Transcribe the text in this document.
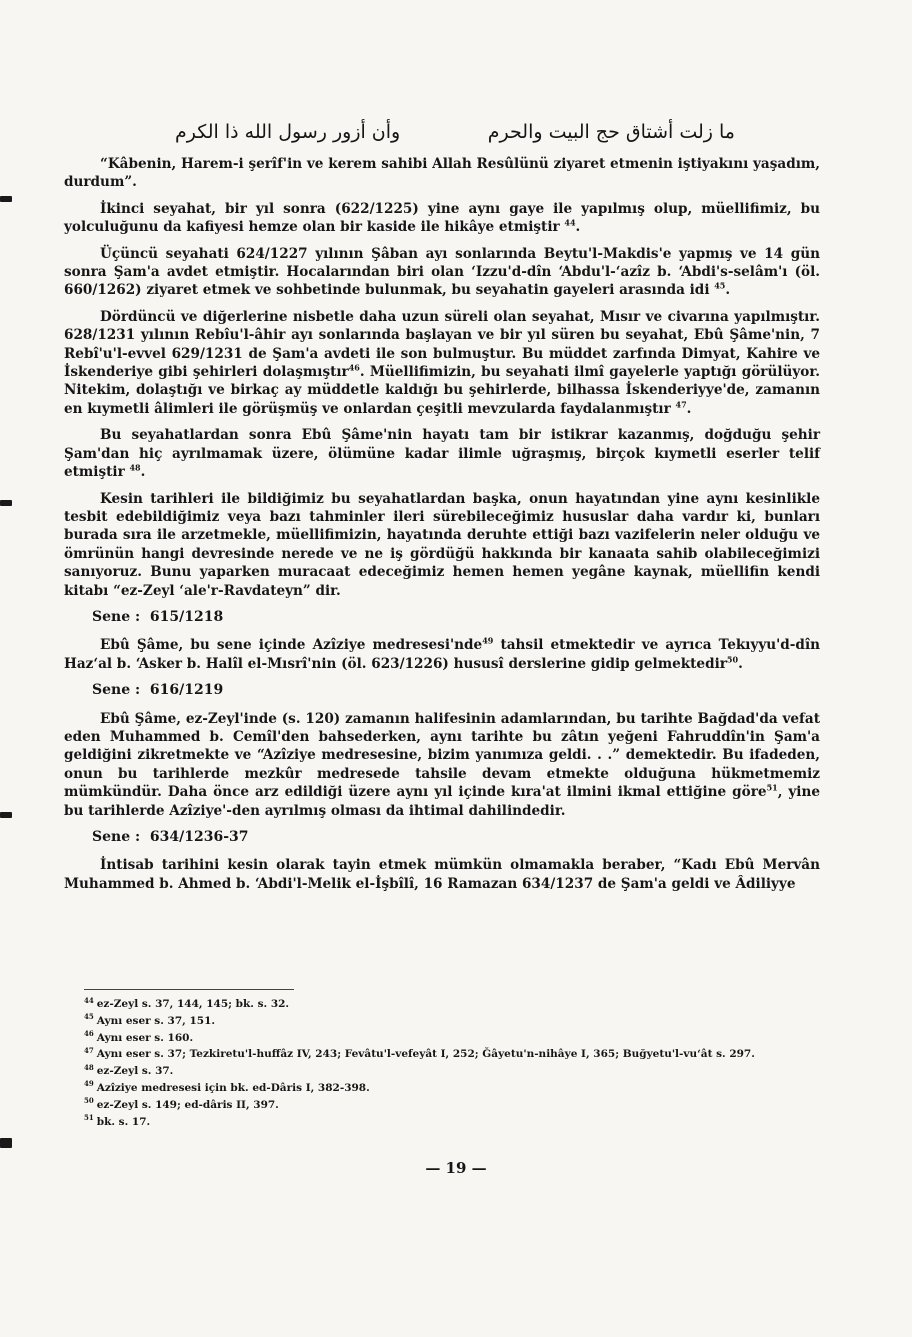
ما زلت أشتاق حج البيت والحرم
وأن أزور رسول الله ذا الكرم

“Kâbenin, Harem-i şerîf'in ve kerem sahibi Allah Resûlünü ziyaret etmenin iştiyakını yaşadım, durdum”.

İkinci seyahat, bir yıl sonra (622/1225) yine aynı gaye ile yapılmış olup, müellifimiz, bu yolculuğunu da kafiyesi hemze olan bir kaside ile hikâye etmiştir $^{44}$.

Üçüncü seyahati 624/1227 yılının Şâban ayı sonlarında Beytu'l-Makdis'e yapmış ve 14 gün sonra Şam'a avdet etmiştir. Hocalarından biri olan ‘Izzu'd-dîn ‘Abdu'l-‘azîz b. ‘Abdi's-selâm'ı (öl. 660/1262) ziyaret etmek ve sohbetinde bulunmak, bu seyahatin gayeleri arasında idi $^{45}$.

Dördüncü ve diğerlerine nisbetle daha uzun süreli olan seyahat, Mısır ve civarına yapılmıştır. 628/1231 yılının Rebîu'l-âhir ayı sonlarında başlayan ve bir yıl süren bu seyahat, Ebû Şâme'nin, 7 Rebî'u'l-evvel 629/1231 de Şam'a avdeti ile son bulmuştur. Bu müddet zarfında Dimyat, Kahire ve İskenderiye gibi şehirleri dolaşmıştır$^{46}$. Müellifimizin, bu seyahati ilmî gayelerle yaptığı görülüyor. Nitekim, dolaştığı ve birkaç ay müddetle kaldığı bu şehirlerde, bilhassa İskenderiyye'de, zamanın en kıymetli âlimleri ile görüşmüş ve onlardan çeşitli mevzularda faydalanmıştır $^{47}$.

Bu seyahatlardan sonra Ebû Şâme'nin hayatı tam bir istikrar kazanmış, doğduğu şehir Şam'dan hiç ayrılmamak üzere, ölümüne kadar ilimle uğraşmış, birçok kıymetli eserler telif etmiştir $^{48}$.

Kesin tarihleri ile bildiğimiz bu seyahatlardan başka, onun hayatından yine aynı kesinlikle tesbit edebildiğimiz veya bazı tahminler ileri sürebileceğimiz hususlar daha vardır ki, bunları burada sıra ile arzetmekle, müellifimizin, hayatında deruhte ettiği bazı vazifelerin neler olduğu ve ömrünün hangi devresinde nerede ve ne iş gördüğü hakkında bir kanaata sahib olabileceğimizi sanıyoruz. Bunu yaparken muracaat edeceğimiz hemen hemen yegâne kaynak, müellifin kendi kitabı “ez-Zeyl ‘ale'r-Ravdateyn” dir.

Sene : 615/1218

Ebû Şâme, bu sene içinde Azîziye medresesi'nde$^{49}$ tahsil etmektedir ve ayrıca Tekıyyu'd-dîn Haz‘al b. ‘Asker b. Halîl el-Mısrî'nin (öl. 623/1226) hususî derslerine gidip gelmektedir$^{50}$.

Sene : 616/1219

Ebû Şâme, ez-Zeyl'inde (s. 120) zamanın halifesinin adamlarından, bu tarihte Bağdad'da vefat eden Muhammed b. Cemîl'den bahsederken, aynı tarihte bu zâtın yeğeni Fahruddîn'in Şam'a geldiğini zikretmekte ve “Azîziye medresesine, bizim yanımıza geldi. . .” demektedir. Bu ifadeden, onun bu tarihlerde mezkûr medresede tahsile devam etmekte olduğuna hükmetmemiz mümkündür. Daha önce arz edildiği üzere aynı yıl içinde kıra'at ilmini ikmal ettiğine göre$^{51}$, yine bu tarihlerde Azîziye'-den ayrılmış olması da ihtimal dahilindedir.

Sene : 634/1236-37

İntisab tarihini kesin olarak tayin etmek mümkün olmamakla beraber, “Kadı Ebû Mervân Muhammed b. Ahmed b. ‘Abdi'l-Melik el-İşbîlî, 16 Ramazan 634/1237 de Şam'a geldi ve Âdiliyye

$^{44}$ ez-Zeyl s. 37, 144, 145; bk. s. 32.
$^{45}$ Aynı eser s. 37, 151.
$^{46}$ Aynı eser s. 160.
$^{47}$ Aynı eser s. 37; Tezkiretu'l-huffâz IV, 243; Fevâtu'l-vefeyât I, 252; Ğâyetu'n-nihâye I, 365; Buğyetu'l-vu‘ât s. 297.
$^{48}$ ez-Zeyl s. 37.
$^{49}$ Azîziye medresesi için bk. ed-Dâris I, 382-398.
$^{50}$ ez-Zeyl s. 149; ed-dâris II, 397.
$^{51}$ bk. s. 17.
— 19 —
